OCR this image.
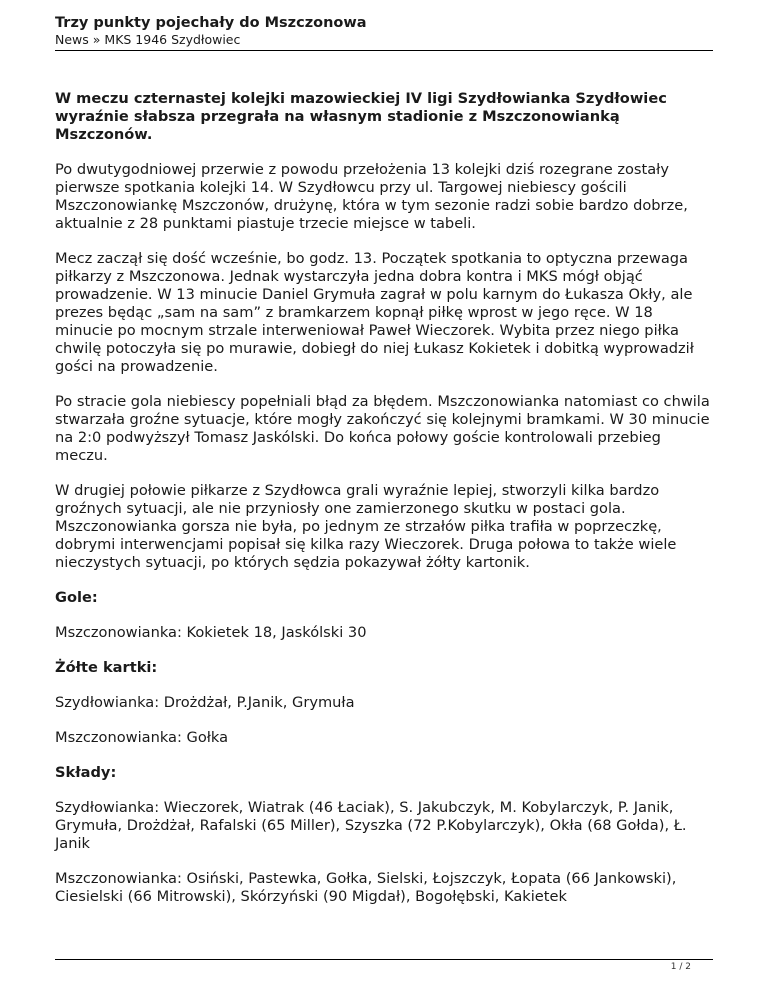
Trzy punkty pojechały do Mszczonowa
News » MKS 1946 Szydłowiec

W meczu czternastej kolejki mazowieckiej IV ligi Szydłowianka Szydłowiec wyraźnie słabsza przegrała na własnym stadionie z Mszczonowianką Mszczonów.

Po dwutygodniowej przerwie z powodu przełożenia 13 kolejki dziś rozegrane zostały pierwsze spotkania kolejki 14. W Szydłowcu przy ul. Targowej niebiescy gościli Mszczonowiankę Mszczonów, drużynę, która w tym sezonie radzi sobie bardzo dobrze, aktualnie z 28 punktami piastuje trzecie miejsce w tabeli.

Mecz zaczął się dość wcześnie, bo godz. 13. Początek spotkania to optyczna przewaga piłkarzy z Mszczonowa. Jednak wystarczyła jedna dobra kontra i MKS mógł objąć prowadzenie. W 13 minucie Daniel Grymuła zagrał w polu karnym do Łukasza Okły, ale prezes będąc „sam na sam” z bramkarzem kopnął piłkę wprost w jego ręce. W 18 minucie po mocnym strzale interweniował Paweł Wieczorek. Wybita przez niego piłka chwilę potoczyła się po murawie, dobiegł do niej Łukasz Kokietek i dobitką wyprowadził gości na prowadzenie.

Po stracie gola niebiescy popełniali błąd za błędem. Mszczonowianka natomiast co chwila stwarzała groźne sytuacje, które mogły zakończyć się kolejnymi bramkami. W 30 minucie na 2:0 podwyższył Tomasz Jaskólski. Do końca połowy goście kontrolowali przebieg meczu.

W drugiej połowie piłkarze z Szydłowca grali wyraźnie lepiej, stworzyli kilka bardzo groźnych sytuacji, ale nie przyniosły one zamierzonego skutku w postaci gola. Mszczonowianka gorsza nie była, po jednym ze strzałów piłka trafiła w poprzeczkę, dobrymi interwencjami popisał się kilka razy Wieczorek. Druga połowa to także wiele nieczystych sytuacji, po których sędzia pokazywał żółty kartonik.

Gole:

Mszczonowianka: Kokietek 18, Jaskólski 30

Żółte kartki:

Szydłowianka: Drożdżał, P.Janik, Grymuła

Mszczonowianka: Gołka

Składy:

Szydłowianka: Wieczorek, Wiatrak (46 Łaciak), S. Jakubczyk, M. Kobylarczyk, P. Janik, Grymuła, Drożdżał, Rafalski (65 Miller), Szyszka (72 P.Kobylarczyk), Okła (68 Gołda), Ł. Janik

Mszczonowianka: Osiński, Pastewka, Gołka, Sielski, Łojszczyk, Łopata (66 Jankowski), Ciesielski (66 Mitrowski), Skórzyński (90 Migdał), Bogołębski, Kakietek

1 / 2
